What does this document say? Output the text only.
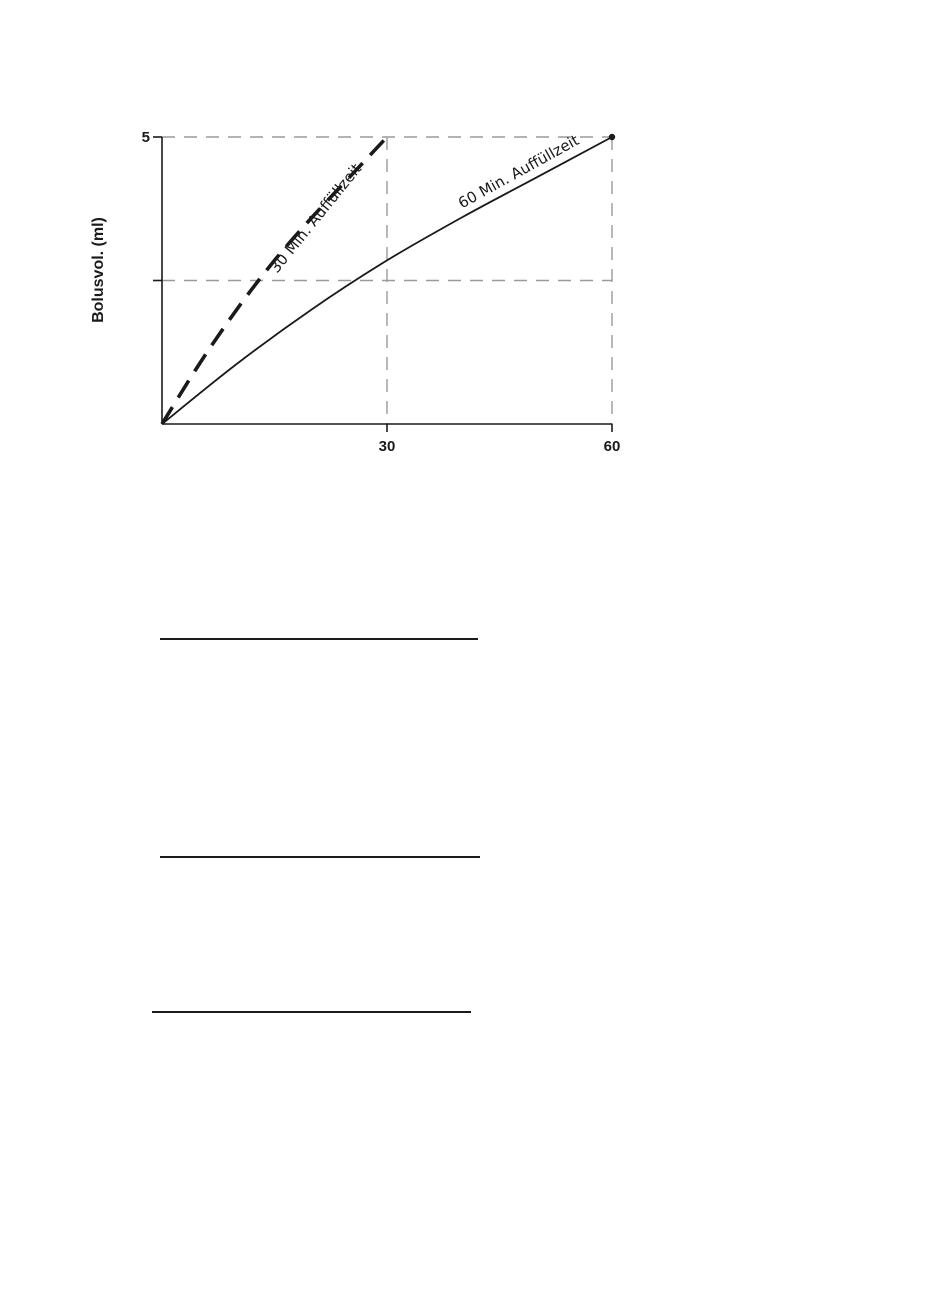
30 Min. Auffüllzeit	60 Min. Auffüllzeit
5
30	60
Bolusvol. (ml)
